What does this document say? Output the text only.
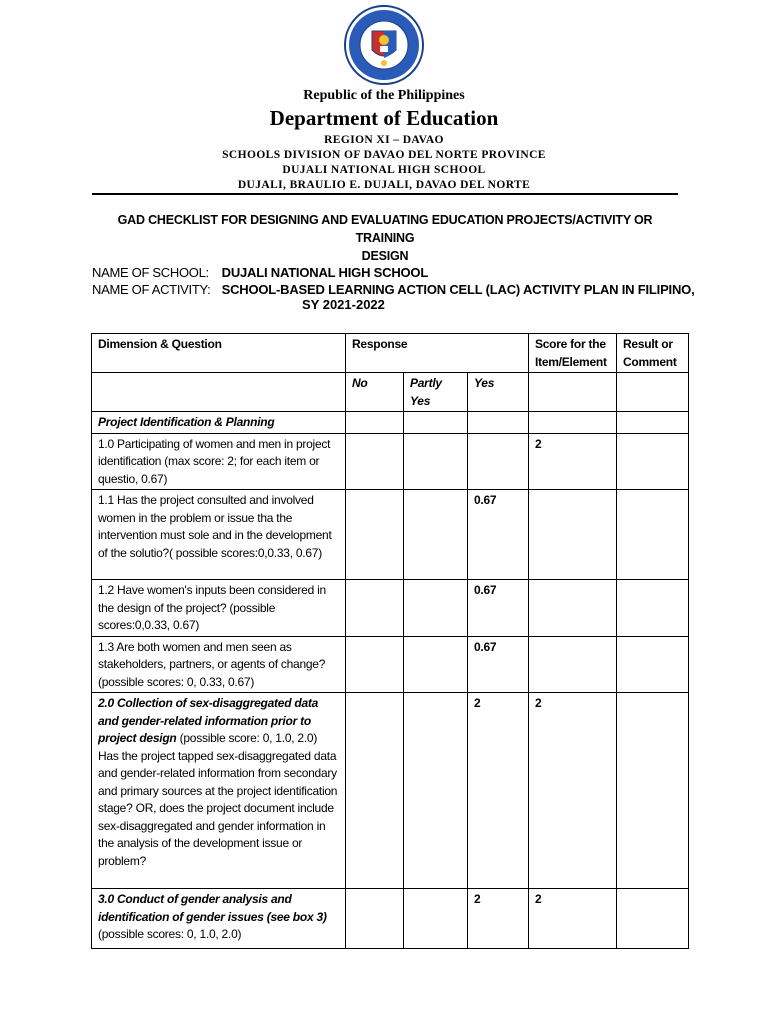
Republic of the Philippines
Department of Education
REGION XI – DAVAO
SCHOOLS DIVISION OF DAVAO DEL NORTE PROVINCE
DUJALI NATIONAL HIGH SCHOOL
DUJALI, BRAULIO E. DUJALI, DAVAO DEL NORTE
GAD CHECKLIST FOR DESIGNING AND EVALUATING EDUCATION PROJECTS/ACTIVITY OR TRAINING
DESIGN
NAME OF SCHOOL: DUJALI NATIONAL HIGH SCHOOL
NAME OF ACTIVITY: SCHOOL-BASED LEARNING ACTION CELL (LAC) ACTIVITY PLAN IN FILIPINO,
SY 2021-2022
Dimension & Question	Response			Score for the Item/Element	Result or Comment
	No	Partly Yes	Yes		
Project Identification & Planning					
1.0 Participating of women and men in project identification (max score: 2; for each item or questio, 0.67)				2	
1.1 Has the project consulted and involved women in the problem or issue tha the intervention must sole and in the development of the solutio?( possible scores:0,0.33, 0.67)			0.67		
1.2 Have women's inputs been considered in the design of the project? (possible scores:0,0.33, 0.67)			0.67		
1.3 Are both women and men seen as stakeholders, partners, or agents of change? (possible scores: 0, 0.33, 0.67)			0.67		
2.0 Collection of sex-disaggregated data and gender-related information prior to project design (possible score: 0, 1.0, 2.0) Has the project tapped sex-disaggregated data and gender-related information from secondary and primary sources at the project identification stage? OR, does the project document include sex-disaggregated and gender information in the analysis of the development issue or problem?			2	2	
3.0 Conduct of gender analysis and identification of gender issues (see box 3)
(possible scores: 0, 1.0, 2.0)			2	2	
